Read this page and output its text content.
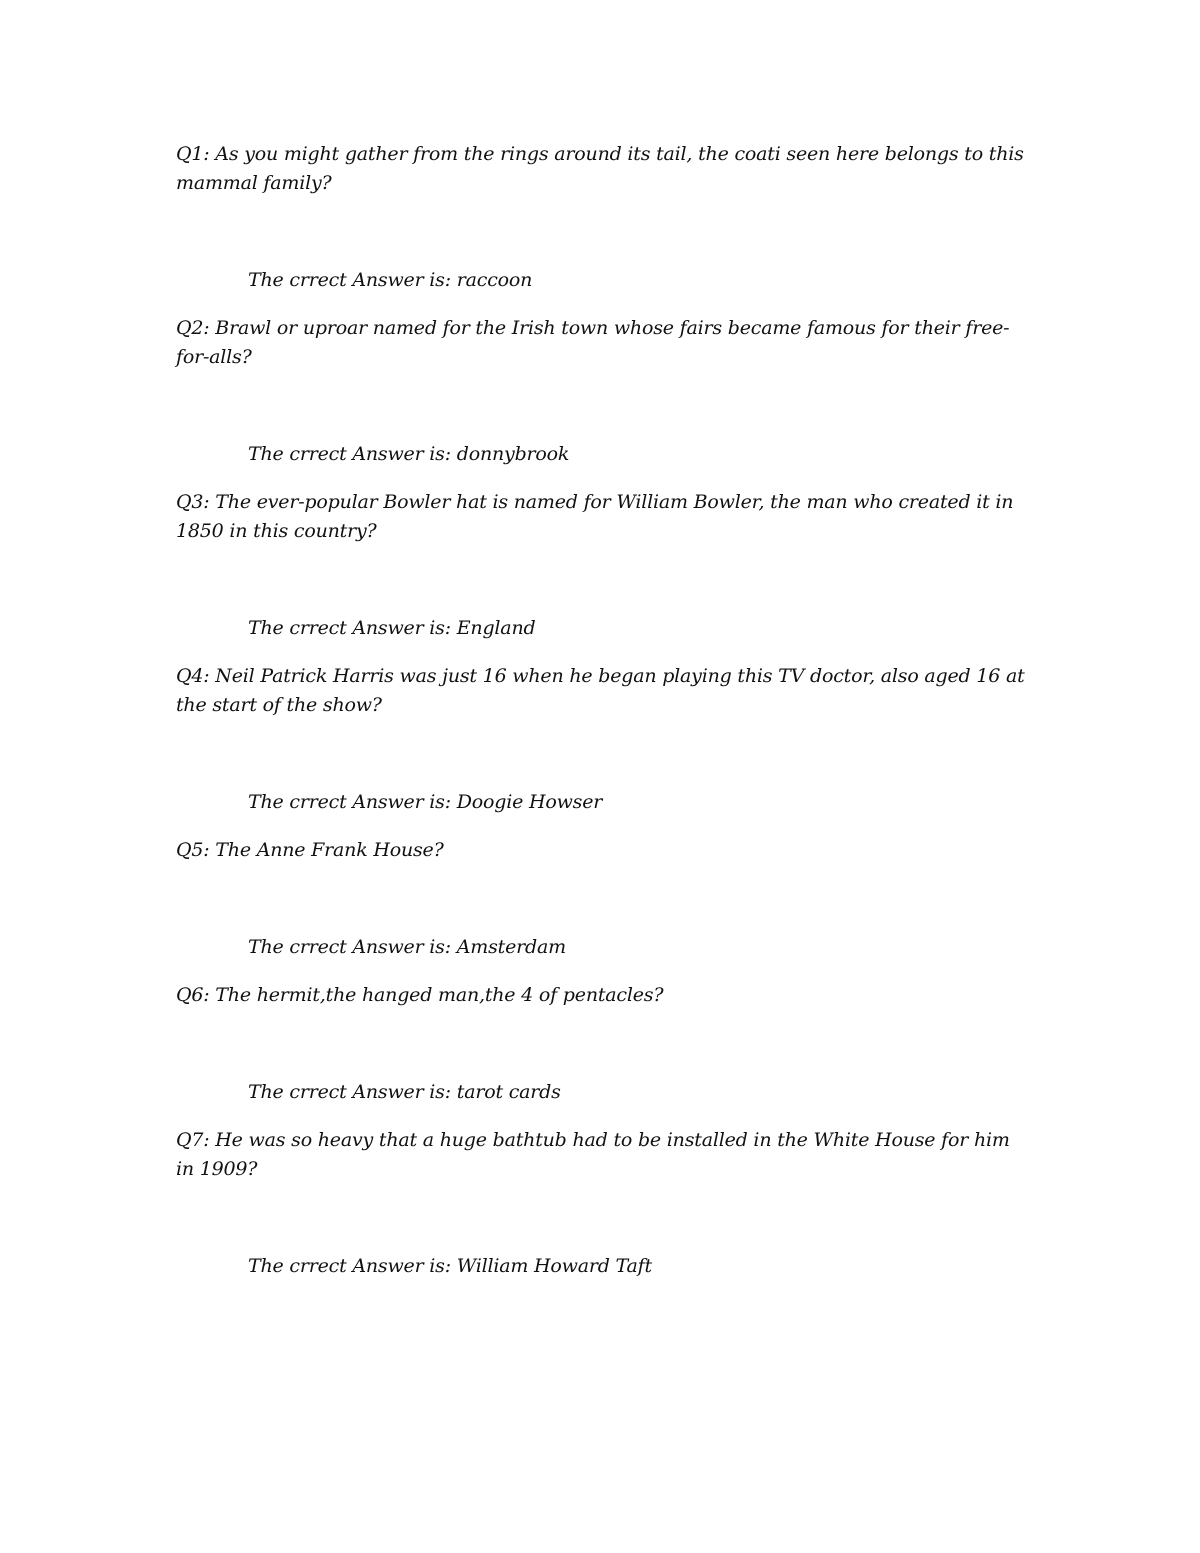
Q1: As you might gather from the rings around its tail, the coati seen here belongs to this mammal family?

The crrect Answer is: raccoon

Q2: Brawl or uproar named for the Irish town whose fairs became famous for their free-for-alls?

The crrect Answer is: donnybrook

Q3: The ever-popular Bowler hat is named for William Bowler, the man who created it in 1850 in this country?

The crrect Answer is: England

Q4: Neil Patrick Harris was just 16 when he began playing this TV doctor, also aged 16 at the start of the show?

The crrect Answer is: Doogie Howser

Q5: The Anne Frank House?

The crrect Answer is: Amsterdam

Q6: The hermit,the hanged man,the 4 of pentacles?

The crrect Answer is: tarot cards

Q7: He was so heavy that a huge bathtub had to be installed in the White House for him in 1909?

The crrect Answer is: William Howard Taft
